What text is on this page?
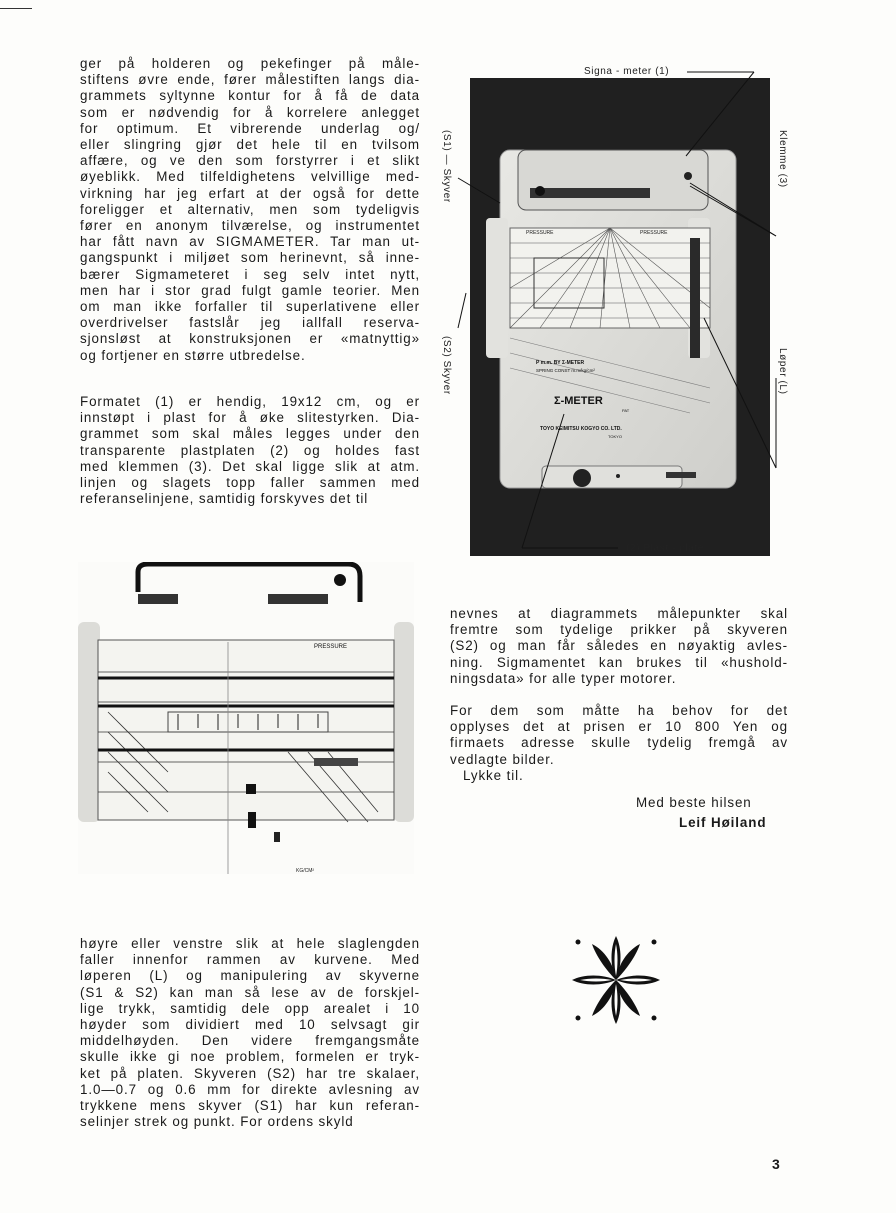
ger på holderen og pekefinger på måle-
stiftens øvre ende, fører målestiften langs dia-
grammets syltynne kontur for å få de data
som er nødvendig for å korrelere anlegget
for optimum. Et vibrerende underlag og/
eller slingring gjør det hele til en tvilsom
affære, og ve den som forstyrrer i et slikt
øyeblikk. Med tilfeldighetens velvillige med-
virkning har jeg erfart at der også for dette
foreligger et alternativ, men som tydeligvis
fører en anonym tilværelse, og instrumentet
har fått navn av SIGMAMETER. Tar man ut-
gangspunkt i miljøet som herinevnt, så inne-
bærer Sigmameteret i seg selv intet nytt,
men har i stor grad fulgt gamle teorier. Men
om man ikke forfaller til superlativene eller
overdrivelser fastslår jeg iallfall reserva-
sjonsløst at konstruksjonen er «matnyttig»
og fortjener en større utbredelse.
Formatet (1) er hendig, 19x12 cm, og er
innstøpt i plast for å øke slitestyrken. Dia-
grammet som skal måles legges under den
transparente plastplaten (2) og holdes fast
med klemmen (3). Det skal ligge slik at atm.
linjen og slagets topp faller sammen med
referanselinjene, samtidig forskyves det til
høyre eller venstre slik at hele slaglengden
faller innenfor rammen av kurvene. Med
løperen (L) og manipulering av skyverne
(S1 & S2) kan man så lese av de forskjel-
lige trykk, samtidig dele opp arealet i 10
høyder som dividiert med 10 selvsagt gir
middelhøyden. Den videre fremgangsmåte
skulle ikke gi noe problem, formelen er tryk-
ket på platen. Skyveren (S2) har tre skalaer,
1.0—0.7 og 0.6 mm for direkte avlesning av
trykkene mens skyver (S1) har kun referan-
selinjer strek og punkt. For ordens skyld
nevnes at diagrammets målepunkter skal
fremtre som tydelige prikker på skyveren
(S2) og man får således en nøyaktig avles-
ning. Sigmamentet kan brukes til «hushold-
ningsdata» for alle typer motorer.
For dem som måtte ha behov for det
opplyses det at prisen er 10 800 Yen og
firmaets adresse skulle tydelig fremgå av
vedlagte bilder.
Lykke til.
Med beste hilsen
Leif Høiland
PRESSURE	PRESSURE
P m.m. BY Σ-METER
SPRING CONST m.m/kg/cm²
Σ-METER
PAT
TOYO KEIMITSU KOGYO CO. LTD.
TOKYO
Signa - meter (1)
(2) Plast - plate
Klemme (3)
Løper (L)
(S1) — Skyver
(S2) Skyver
PRESSURE
KG/CM²
3
